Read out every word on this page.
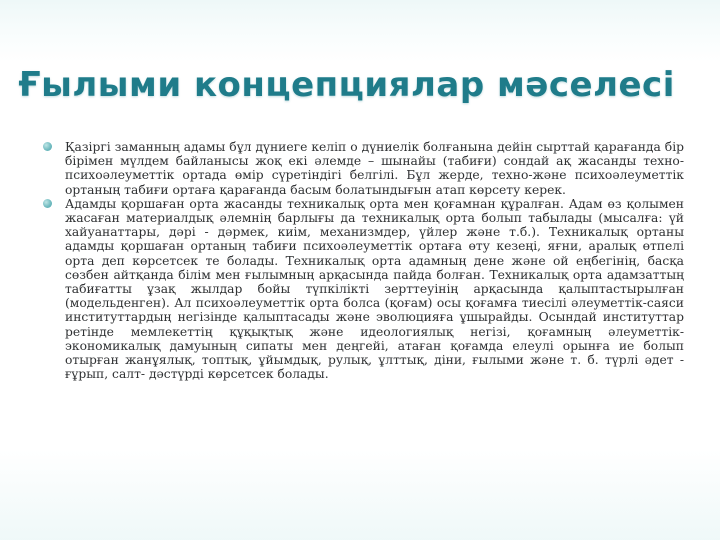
Ғылыми концепциялар мәселесі
Қазіргі заманның адамы бұл дүниеге келіп о дүниелік болғанына дейін сырттай қарағанда бір бірімен мүлдем байланысы жоқ екі әлемде – шынайы (табиғи) сондай ақ жасанды техно-психоәлеуметтік ортада өмір сүретіндігі белгілі. Бұл жерде, техно-және психоәлеуметтік ортаның табиғи ортаға қарағанда басым болатындығын атап көрсету керек.
Адамды қоршаған орта жасанды техникалық орта мен қоғамнан құралған. Адам өз қолымен жасаған материалдық әлемнің барлығы да техникалық орта болып табылады (мысалға: үй хайуанаттары, дәрі - дәрмек, киім, механизмдер, үйлер және т.б.). Техникалық ортаны адамды қоршаған ортаның табиғи психоәлеуметтік ортаға өту кезеңі, яғни, аралық өтпелі орта деп көрсетсек те болады. Техникалық орта адамның дене және ой еңбегінің, басқа сөзбен айтқанда білім мен ғылымның арқасында пайда болған. Техникалық орта адамзаттың табиғатты ұзақ жылдар бойы түпкілікті зерттеуінің арқасында қалыптастырылған (модельденген). Ал психоәлеуметтік орта болса (қоғам) осы қоғамға тиесілі әлеуметтік-саяси институттардың негізінде қалыптасады және эволюцияға ұшырайды. Осындай институттар ретінде мемлекеттің құқықтық және идеологиялық негізі, қоғамның әлеуметтік-экономикалық дамуының сипаты мен деңгейі, атаған қоғамда елеулі орынға ие болып отырған жанұялық, топтық, ұйымдық, рулық, ұлттық, діни, ғылыми және т. б. түрлі әдет - ғұрып, салт- дәстүрді көрсетсек болады.
